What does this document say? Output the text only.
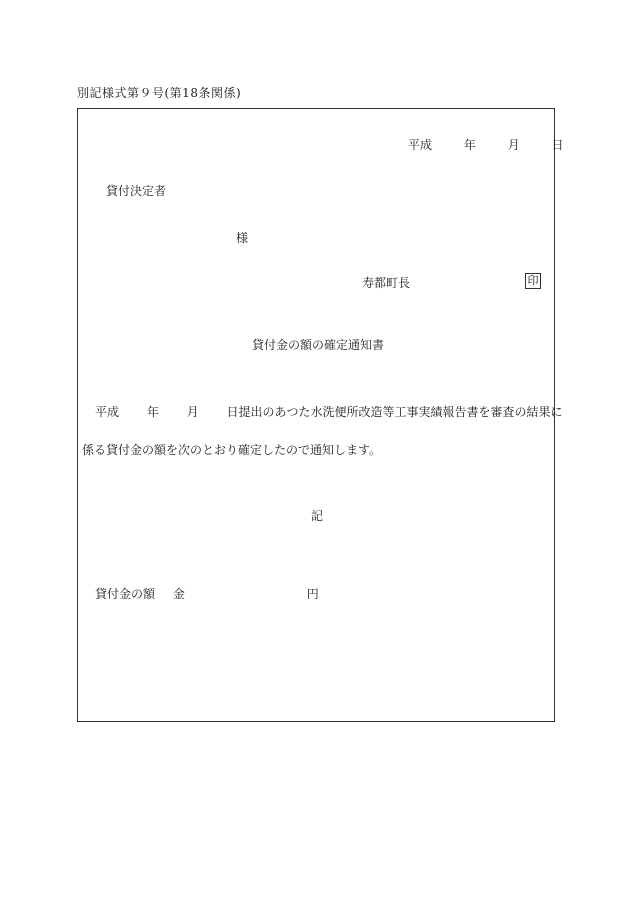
別記様式第９号(第18条関係)
平成	年	月	日
貸付決定者
様
寿都町長	印
貸付金の額の確定通知書
平成 年 月 日提出のあつた水洗便所改造等工事実績報告書を審査の結果に
係る貸付金の額を次のとおり確定したので通知します。
記
貸付金の額 金	円
